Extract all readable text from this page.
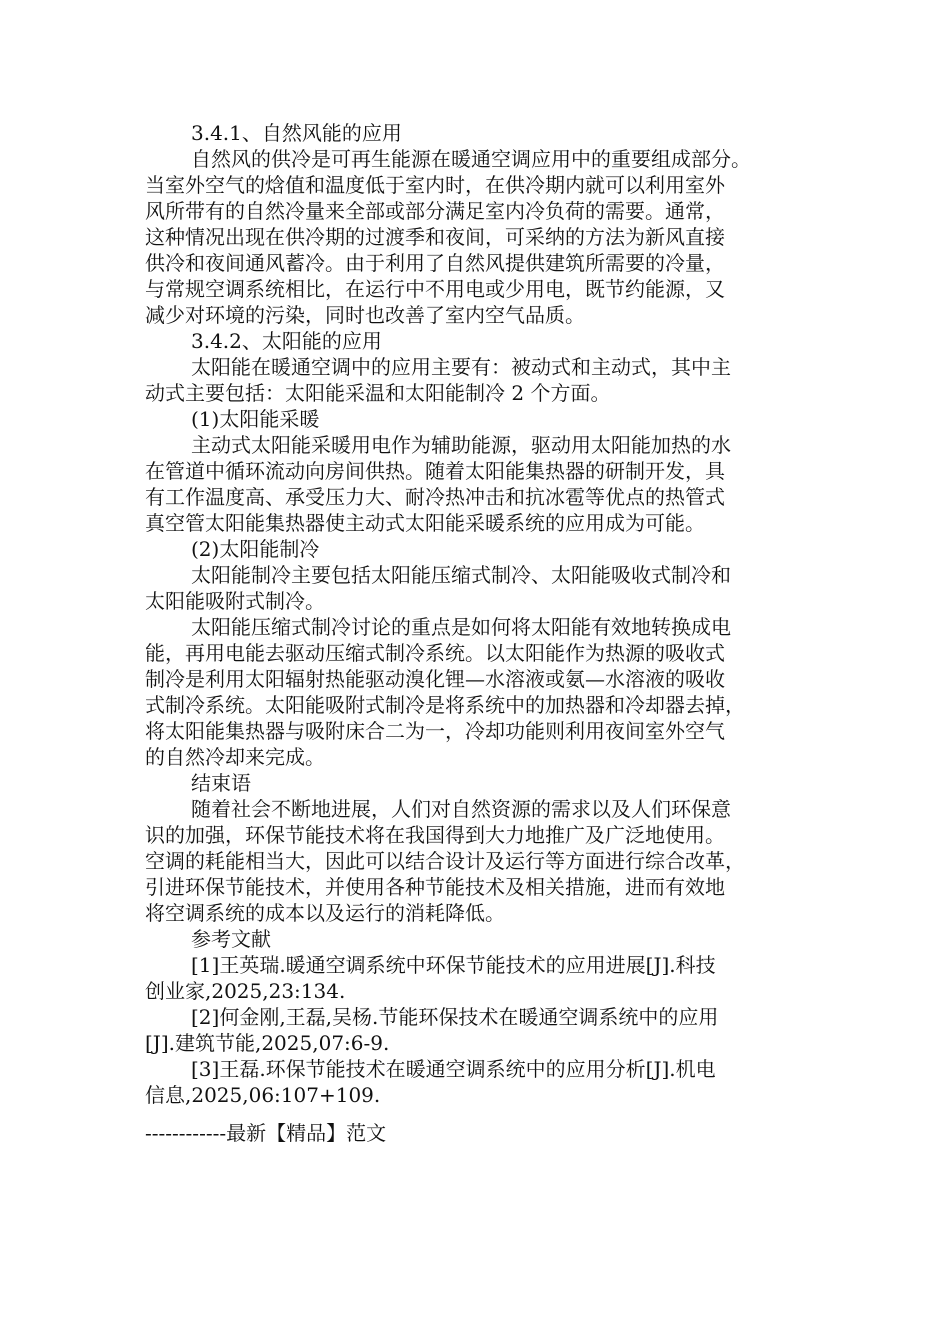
3.4.1、自然风能的应用

自然风的供冷是可再生能源在暖通空调应用中的重要组成部分。

当室外空气的焓值和温度低于室内时，在供冷期内就可以利用室外

风所带有的自然冷量来全部或部分满足室内冷负荷的需要。通常，

这种情况出现在供冷期的过渡季和夜间，可采纳的方法为新风直接

供冷和夜间通风蓄冷。由于利用了自然风提供建筑所需要的冷量，

与常规空调系统相比，在运行中不用电或少用电，既节约能源，又

减少对环境的污染，同时也改善了室内空气品质。

3.4.2、太阳能的应用

太阳能在暖通空调中的应用主要有：被动式和主动式，其中主

动式主要包括：太阳能采温和太阳能制冷 2 个方面。

(1)太阳能采暖

主动式太阳能采暖用电作为辅助能源，驱动用太阳能加热的水

在管道中循环流动向房间供热。随着太阳能集热器的研制开发，具

有工作温度高、承受压力大、耐冷热冲击和抗冰雹等优点的热管式

真空管太阳能集热器使主动式太阳能采暖系统的应用成为可能。

(2)太阳能制冷

太阳能制冷主要包括太阳能压缩式制冷、太阳能吸收式制冷和

太阳能吸附式制冷。

太阳能压缩式制冷讨论的重点是如何将太阳能有效地转换成电

能，再用电能去驱动压缩式制冷系统。以太阳能作为热源的吸收式

制冷是利用太阳辐射热能驱动溴化锂—水溶液或氨—水溶液的吸收

式制冷系统。太阳能吸附式制冷是将系统中的加热器和冷却器去掉，

将太阳能集热器与吸附床合二为一，冷却功能则利用夜间室外空气

的自然冷却来完成。

结束语

随着社会不断地进展，人们对自然资源的需求以及人们环保意

识的加强，环保节能技术将在我国得到大力地推广及广泛地使用。

空调的耗能相当大，因此可以结合设计及运行等方面进行综合改革，

引进环保节能技术，并使用各种节能技术及相关措施，进而有效地

将空调系统的成本以及运行的消耗降低。

参考文献

[1]王英瑞.暖通空调系统中环保节能技术的应用进展[J].科技

创业家,2025,23:134.

[2]何金刚,王磊,吴杨.节能环保技术在暖通空调系统中的应用

[J].建筑节能,2025,07:6-9.

[3]王磊.环保节能技术在暖通空调系统中的应用分析[J].机电

信息,2025,06:107+109.

------------最新【精品】范文
